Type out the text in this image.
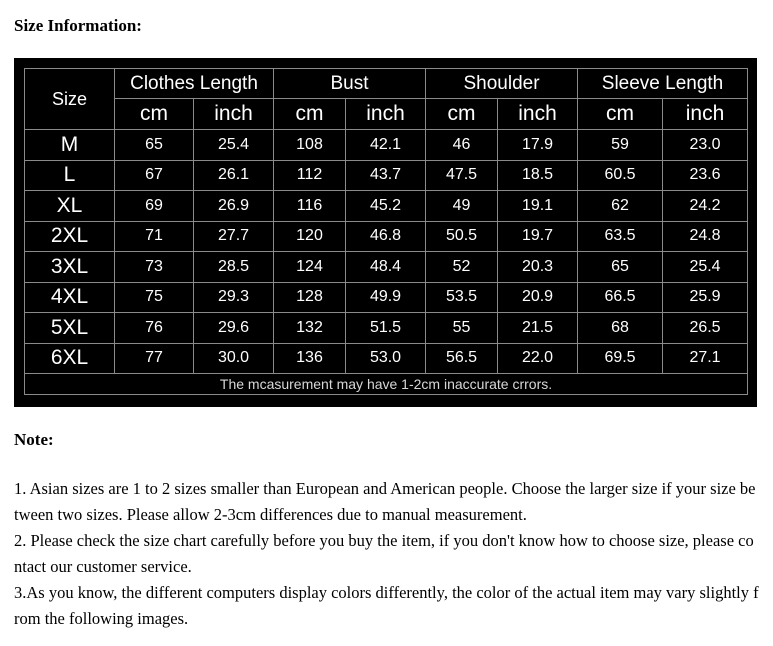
Size Information:
Size	Clothes Length		Bust		Shoulder		Sleeve Length	
	cm	inch	cm	inch	cm	inch	cm	inch
M	65	25.4	108	42.1	46	17.9	59	23.0
L	67	26.1	112	43.7	47.5	18.5	60.5	23.6
XL	69	26.9	116	45.2	49	19.1	62	24.2
2XL	71	27.7	120	46.8	50.5	19.7	63.5	24.8
3XL	73	28.5	124	48.4	52	20.3	65	25.4
4XL	75	29.3	128	49.9	53.5	20.9	66.5	25.9
5XL	76	29.6	132	51.5	55	21.5	68	26.5
6XL	77	30.0	136	53.0	56.5	22.0	69.5	27.1
The mcasurement may have 1-2cm inaccurate crrors.								
Note:

1. Asian sizes are 1 to 2 sizes smaller than European and American people. Choose the larger size if your size between two sizes. Please allow 2-3cm differences due to manual measurement.

2. Please check the size chart carefully before you buy the item, if you don't know how to choose size, please contact our customer service.

3.As you know, the different computers display colors differently, the color of the actual item may vary slightly from the following images.
